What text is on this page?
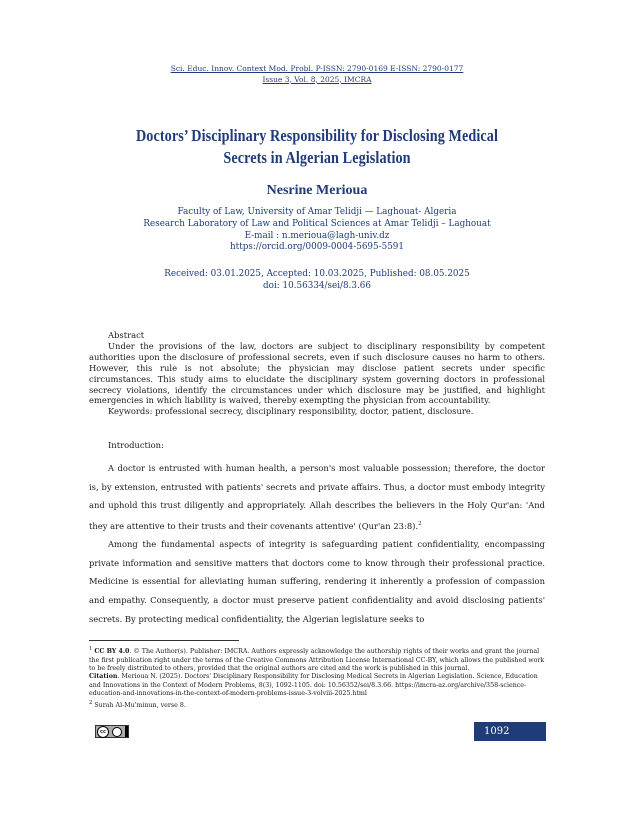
Sci. Educ. Innov. Context Mod. Probl. P-ISSN: 2790-0169 E-ISSN: 2790-0177
Issue 3, Vol. 8, 2025, IMCRA
Doctors’ Disciplinary Responsibility for Disclosing Medical Secrets in Algerian Legislation
Nesrine Merioua
Faculty of Law, University of Amar Telidji — Laghouat- Algeria
Research Laboratory of Law and Political Sciences at Amar Telidji – Laghouat
E-mail : n.merioua@lagh-univ.dz
https://orcid.org/0009-0004-5695-5591
Received: 03.01.2025, Accepted: 10.03.2025, Published: 08.05.2025
doi: 10.56334/sei/8.3.66

Abstract

Under the provisions of the law, doctors are subject to disciplinary responsibility by competent authorities upon the disclosure of professional secrets, even if such disclosure causes no harm to others. However, this rule is not absolute; the physician may disclose patient secrets under specific circumstances. This study aims to elucidate the disciplinary system governing doctors in professional secrecy violations, identify the circumstances under which disclosure may be justified, and highlight emergencies in which liability is waived, thereby exempting the physician from accountability.

Keywords: professional secrecy, disciplinary responsibility, doctor, patient, disclosure.

Introduction:

A doctor is entrusted with human health, a person's most valuable possession; therefore, the doctor is, by extension, entrusted with patients' secrets and private affairs. Thus, a doctor must embody integrity and uphold this trust diligently and appropriately. Allah describes the believers in the Holy Qur'an: 'And they are attentive to their trusts and their covenants attentive' (Qur'an 23:8).$^2$

Among the fundamental aspects of integrity is safeguarding patient confidentiality, encompassing private information and sensitive matters that doctors come to know through their professional practice. Medicine is essential for alleviating human suffering, rendering it inherently a profession of compassion and empathy. Consequently, a doctor must preserve patient confidentiality and avoid disclosing patients' secrets. By protecting medical confidentiality, the Algerian legislature seeks to

$^1$ CC BY 4.0. © The Author(s). Publisher: IMCRA. Authors expressly acknowledge the authorship rights of their works and grant the journal the first publication right under the terms of the Creative Commons Attribution License International CC-BY, which allows the published work to be freely distributed to others, provided that the original authors are cited and the work is published in this journal.

Citation. Merioua N. (2025). Doctors' Disciplinary Responsibility for Disclosing Medical Secrets in Algerian Legislation. Science, Education and Innovations in the Context of Modern Problems, 8(3), 1092-1105. doi: 10.56352/sei/8.3.66. https://imcra-az.org/archive/358-science-education-and-innovations-in-the-context-of-modern-problems-issue-3-volviii-2025.html

$^2$ Surah Al-Mu'minun, verse 8.

cc	1092
